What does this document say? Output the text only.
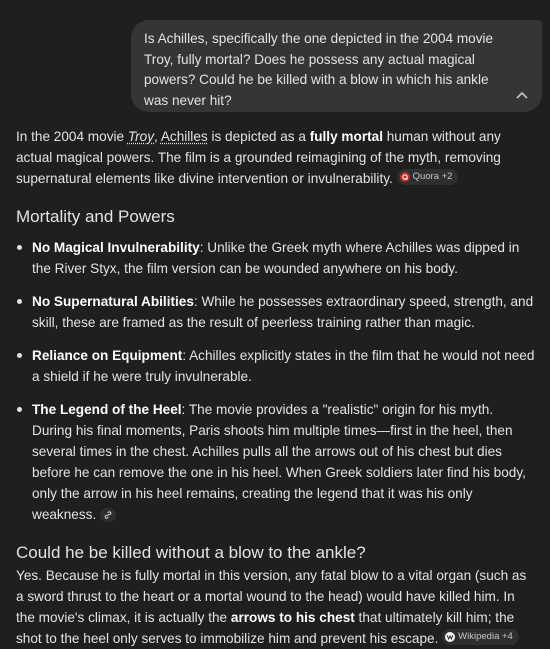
Is Achilles, specifically the one depicted in the 2004 movie Troy, fully mortal? Does he possess any actual magical powers? Could he be killed with a blow in which his ankle was never hit?

In the 2004 movie Troy, Achilles is depicted as a fully mortal human without any actual magical powers. The film is a grounded reimagining of the myth, removing supernatural elements like divine intervention or invulnerability. Quora +2

Mortality and Powers
No Magical Invulnerability: Unlike the Greek myth where Achilles was dipped in the River Styx, the film version can be wounded anywhere on his body.
No Supernatural Abilities: While he possesses extraordinary speed, strength, and skill, these are framed as the result of peerless training rather than magic.
Reliance on Equipment: Achilles explicitly states in the film that he would not need a shield if he were truly invulnerable.
The Legend of the Heel: The movie provides a "realistic" origin for his myth. During his final moments, Paris shoots him multiple times—first in the heel, then several times in the chest. Achilles pulls all the arrows out of his chest but dies before he can remove the one in his heel. When Greek soldiers later find his body, only the arrow in his heel remains, creating the legend that it was his only weakness.
Could he be killed without a blow to the ankle?

Yes. Because he is fully mortal in this version, any fatal blow to a vital organ (such as a sword thrust to the heart or a mortal wound to the head) would have killed him. In the movie's climax, it is actually the arrows to his chest that ultimately kill him; the shot to the heel only serves to immobilize him and prevent his escape. Wikipedia +4
